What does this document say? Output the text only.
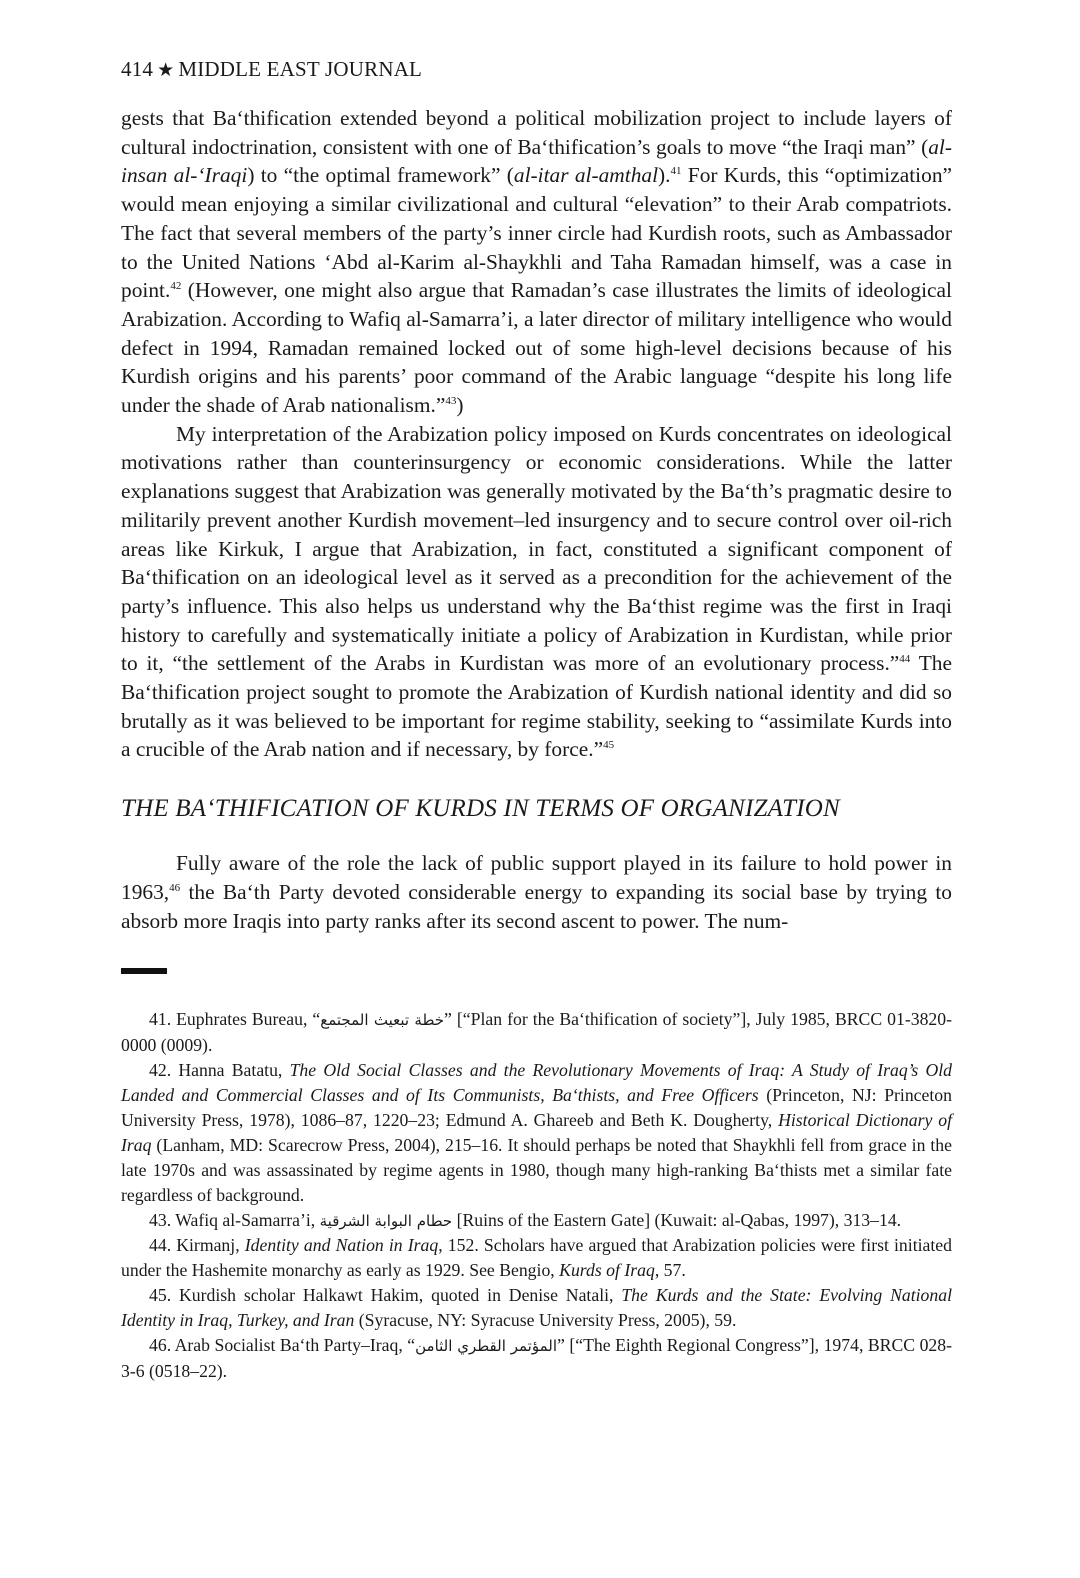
414 ★ MIDDLE EAST JOURNAL

gests that Ba‘thification extended beyond a political mobilization project to include layers of cultural indoctrination, consistent with one of Ba‘thification’s goals to move “the Iraqi man” (al-insan al-‘Iraqi) to “the optimal framework” (al-itar al-amthal).$^{41}$ For Kurds, this “optimization” would mean enjoying a similar civilizational and cultural “elevation” to their Arab compatriots. The fact that several members of the party’s inner circle had Kurdish roots, such as Ambassador to the United Nations ‘Abd al-Karim al-Shaykhli and Taha Ramadan himself, was a case in point.$^{42}$ (However, one might also argue that Ramadan’s case illustrates the limits of ideological Arabization. According to Wafiq al-Samarra’i, a later director of military intelligence who would defect in 1994, Ramadan remained locked out of some high-level decisions because of his Kurdish origins and his parents’ poor command of the Arabic language “despite his long life under the shade of Arab nationalism.”$^{43}$)

My interpretation of the Arabization policy imposed on Kurds concentrates on ideological motivations rather than counterinsurgency or economic considerations. While the latter explanations suggest that Arabization was generally motivated by the Ba‘th’s pragmatic desire to militarily prevent another Kurdish movement–led insurgency and to secure control over oil-rich areas like Kirkuk, I argue that Arabization, in fact, constituted a significant component of Ba‘thification on an ideological level as it served as a precondition for the achievement of the party’s influence. This also helps us understand why the Ba‘thist regime was the first in Iraqi history to carefully and systematically initiate a policy of Arabization in Kurdistan, while prior to it, “the settlement of the Arabs in Kurdistan was more of an evolutionary process.”$^{44}$ The Ba‘thification project sought to promote the Arabization of Kurdish national identity and did so brutally as it was believed to be important for regime stability, seeking to “assimilate Kurds into a crucible of the Arab nation and if necessary, by force.”$^{45}$

THE BA‘THIFICATION OF KURDS IN TERMS OF ORGANIZATION

Fully aware of the role the lack of public support played in its failure to hold power in 1963,46 the Ba‘th Party devoted considerable energy to expanding its social base by trying to absorb more Iraqis into party ranks after its second ascent to power. The num-

41. Euphrates Bureau, “خطة تبعيث المجتمع” [“Plan for the Ba‘thification of society”], July 1985, BRCC 01-3820-0000 (0009).

42. Hanna Batatu, The Old Social Classes and the Revolutionary Movements of Iraq: A Study of Iraq’s Old Landed and Commercial Classes and of Its Communists, Ba‘thists, and Free Officers (Princeton, NJ: Princeton University Press, 1978), 1086–87, 1220–23; Edmund A. Ghareeb and Beth K. Dougherty, Historical Dictionary of Iraq (Lanham, MD: Scarecrow Press, 2004), 215–16. It should perhaps be noted that Shaykhli fell from grace in the late 1970s and was assassinated by regime agents in 1980, though many high-ranking Ba‘thists met a similar fate regardless of background.

43. Wafiq al-Samarra’i, حطام البوابة الشرقية [Ruins of the Eastern Gate] (Kuwait: al-Qabas, 1997), 313–14.

44. Kirmanj, Identity and Nation in Iraq, 152. Scholars have argued that Arabization policies were first initiated under the Hashemite monarchy as early as 1929. See Bengio, Kurds of Iraq, 57.

45. Kurdish scholar Halkawt Hakim, quoted in Denise Natali, The Kurds and the State: Evolving National Identity in Iraq, Turkey, and Iran (Syracuse, NY: Syracuse University Press, 2005), 59.

46. Arab Socialist Ba‘th Party–Iraq, “المؤتمر القطري الثامن” [“The Eighth Regional Congress”], 1974, BRCC 028-3-6 (0518–22).
